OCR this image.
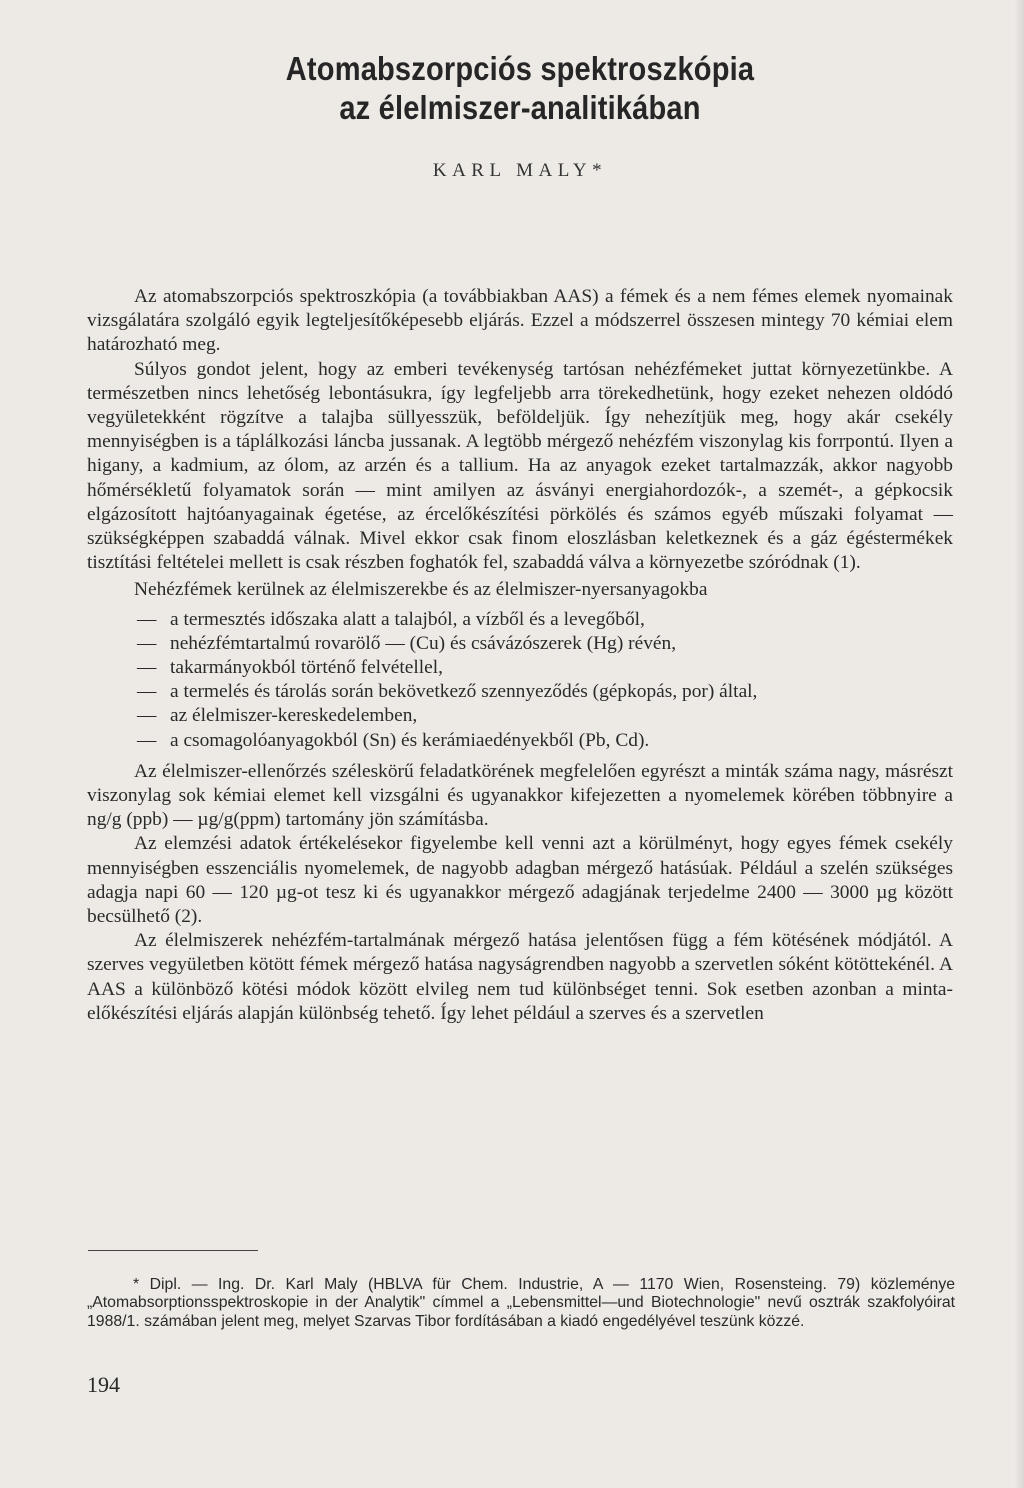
Atomabszorpciós spektroszkópia
az élelmiszer-analitikában
KARL MALY*

Az atomabszorpciós spektroszkópia (a továbbiakban AAS) a fémek és a nem fémes elemek nyomainak vizsgálatára szolgáló egyik legteljesítőképesebb eljárás. Ezzel a módszerrel összesen mintegy 70 kémiai elem határozható meg.

Súlyos gondot jelent, hogy az emberi tevékenység tartósan nehézfémeket juttat környezetünkbe. A természetben nincs lehetőség lebontásukra, így legfeljebb arra törekedhetünk, hogy ezeket nehezen oldódó vegyületekként rögzítve a talajba süllyesszük, beföldeljük. Így nehezítjük meg, hogy akár csekély mennyiségben is a táplálkozási láncba jussanak. A legtöbb mérgező nehézfém viszonylag kis forrpontú. Ilyen a higany, a kadmium, az ólom, az arzén és a tallium. Ha az anyagok ezeket tartalmazzák, akkor nagyobb hőmérsékletű folyamatok során — mint amilyen az ásványi energiahordozók-, a szemét-, a gépkocsik elgázosított hajtóanyagainak égetése, az ércelőkészítési pörkölés és számos egyéb műszaki folyamat — szükségképpen szabaddá válnak. Mivel ekkor csak finom eloszlásban keletkeznek és a gáz égéstermékek tisztítási feltételei mellett is csak részben foghatók fel, szabaddá válva a környezetbe szóródnak (1).

Nehézfémek kerülnek az élelmiszerekbe és az élelmiszer-nyersanyagokba

— a termesztés időszaka alatt a talajból, a vízből és a levegőből,
— nehézfémtartalmú rovarölő — (Cu) és csávázószerek (Hg) révén,
— takarmányokból történő felvétellel,
— a termelés és tárolás során bekövetkező szennyeződés (gépkopás, por) által,
— az élelmiszer-kereskedelemben,
— a csomagolóanyagokból (Sn) és kerámiaedényekből (Pb, Cd).

Az élelmiszer-ellenőrzés széleskörű feladatkörének megfelelően egyrészt a minták száma nagy, másrészt viszonylag sok kémiai elemet kell vizsgálni és ugyanakkor kifejezetten a nyomelemek körében többnyire a ng/g (ppb) — µg/g(ppm) tartomány jön számításba.

Az elemzési adatok értékelésekor figyelembe kell venni azt a körülményt, hogy egyes fémek csekély mennyiségben esszenciális nyomelemek, de nagyobb adagban mérgező hatásúak. Például a szelén szükséges adagja napi 60 — 120 µg-ot tesz ki és ugyanakkor mérgező adagjának terjedelme 2400 — 3000 µg között becsülhető (2).

Az élelmiszerek nehézfém-tartalmának mérgező hatása jelentősen függ a fém kötésének módjától. A szerves vegyületben kötött fémek mérgező hatása nagyságrendben nagyobb a szervetlen sóként kötöttekénél. A AAS a különböző kötési módok között elvileg nem tud különbséget tenni. Sok esetben azonban a minta-előkészítési eljárás alapján különbség tehető. Így lehet például a szerves és a szervetlen

* Dipl. — Ing. Dr. Karl Maly (HBLVA für Chem. Industrie, A — 1170 Wien, Rosensteing. 79) közleménye „Atomabsorptionsspektroskopie in der Analytik" címmel a „Lebensmittel—und Biotechnologie" nevű osztrák szakfolyóirat 1988/1. számában jelent meg, melyet Szarvas Tibor fordításában a kiadó engedélyével teszünk közzé.
194
